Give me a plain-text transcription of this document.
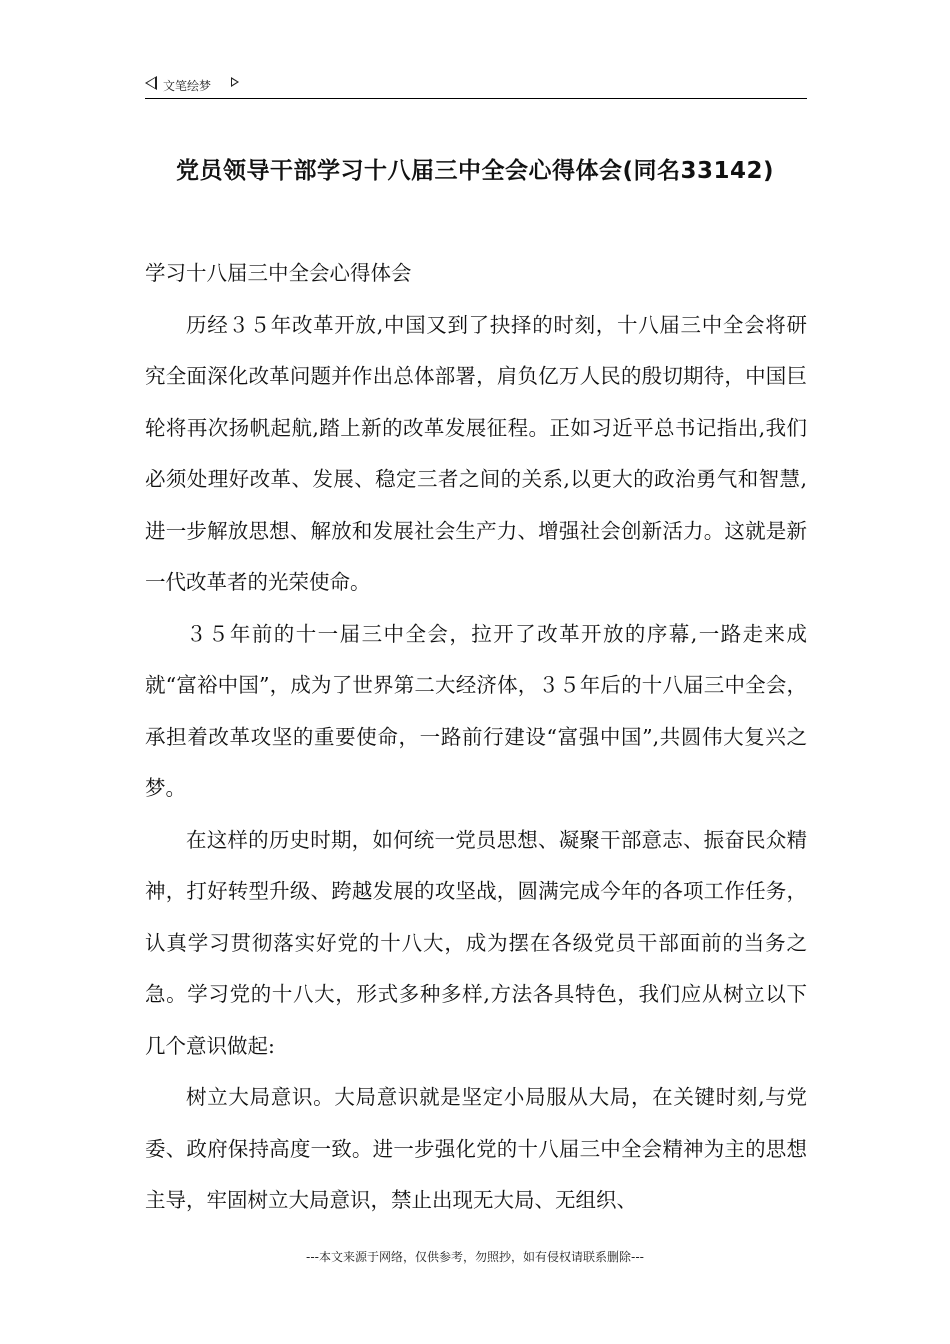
文笔绘梦
党员领导干部学习十八届三中全会心得体会(同名33142)

学习十八届三中全会心得体会

历经３５年改革开放,中国又到了抉择的时刻，十八届三中全会将研究全面深化改革问题并作出总体部署，肩负亿万人民的殷切期待，中国巨轮将再次扬帆起航,踏上新的改革发展征程。正如习近平总书记指出,我们必须处理好改革、发展、稳定三者之间的关系,以更大的政治勇气和智慧,进一步解放思想、解放和发展社会生产力、增强社会创新活力。这就是新一代改革者的光荣使命。

３５年前的十一届三中全会，拉开了改革开放的序幕,一路走来成就“富裕中国”，成为了世界第二大经济体，３５年后的十八届三中全会，承担着改革攻坚的重要使命，一路前行建设“富强中国”,共圆伟大复兴之梦。

在这样的历史时期，如何统一党员思想、凝聚干部意志、振奋民众精神，打好转型升级、跨越发展的攻坚战，圆满完成今年的各项工作任务，认真学习贯彻落实好党的十八大，成为摆在各级党员干部面前的当务之急。学习党的十八大，形式多种多样,方法各具特色，我们应从树立以下几个意识做起:

树立大局意识。大局意识就是坚定小局服从大局，在关键时刻,与党委、政府保持高度一致。进一步强化党的十八届三中全会精神为主的思想主导，牢固树立大局意识，禁止出现无大局、无组织、

---本文来源于网络，仅供参考，勿照抄，如有侵权请联系删除---
